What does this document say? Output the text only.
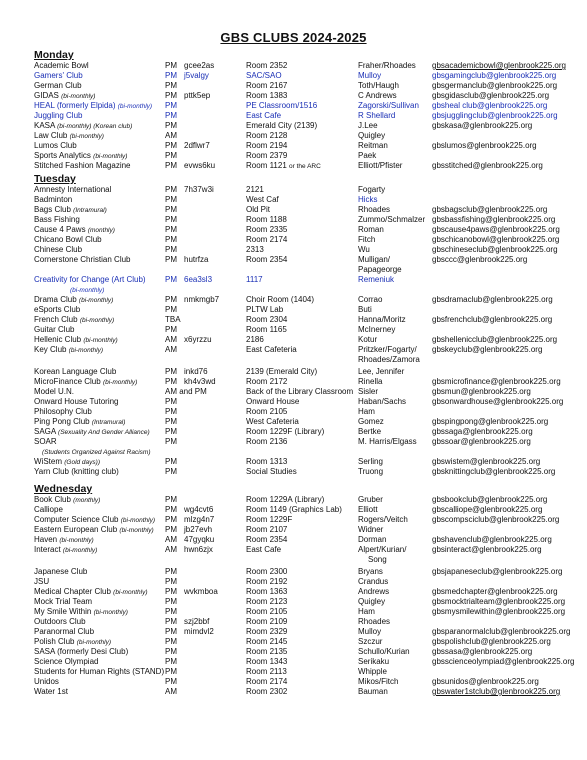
GBS CLUBS 2024-2025
Monday
Academic Bowl	PM gcee2as	Room 2352	Fraher/Rhoades gbsacademicbowl@glenbrook225.org
Gamers' Club	PM j5valgy	SAC/SAO	Mulloy	gbsgamingclub@glenbrook225.org
German Club	PM	Room 2167	Toth/Haugh	gbsgermanclub@glenbrook225.org
GIDAS (bi-monthly)	PM pttk5ep	Room 1383	C Andrews	gbsgidasclub@glenbrook225.org
HEAL (formerly Elpida) (bi-monthly) PM	PE Classroom/1516	Zagorski/Sullivan gbsheal club@glenbrook225.org
Juggling Club	PM	East Cafe	R Shellard	gbsjugglingclub@glenbrook225.org
KASA (bi-monthly) (Korean club)	PM	Emerald City (2139)	J.Lee	gbskasa@glenbrook225.org
Law Club (bi-monthly)	AM	Room 2128	Quigley
Lumos Club	PM 2dflwr7	Room 2194	Reitman	gbslumos@glenbrook225.org
Sports Analytics (bi-monthly)	PM	Room 2379	Paek
Stitched Fashion Magazine	PM evws6ku	Room 1121 or the ARC	Elliott/Pfister	gbsstitched@glenbrook225.org
Tuesday
Amnesty International	PM 7h37w3i	2121	Fogarty
Badminton	PM	West Caf	Hicks
Bags Club (Intramural)	PM	Old Pit	Rhoades	gbsbagsclub@glenbrook225.org
Bass Fishing	PM	Room 1188	Zummo/Schmalzer gbsbassfishing@glenbrook225.org
Cause 4 Paws (monthly)	PM	Room 2335	Roman	gbscause4paws@glenbrook225.org
Chicano Bowl Club	PM	Room 2174	Fitch	gbschicanobowl@glenbrook225.org
Chinese Club	PM	2313	Wu	gbschineseclub@glenbrook225.org
Cornerstone Christian Club	PM hutrfza	Room 2354	Mulligan/	gbsccc@glenbrook225.org
Papageorge
Creativity for Change (Art Club) PM 6ea3sl3	1117	Remeniuk
(bi-monthly)
Drama Club (bi-monthly)	PM nmkmgb7	Choir Room (1404)	Corrao	gbsdramaclub@glenbrook225.org
eSports Club	PM	PLTW Lab	Buti
French Club (bi-monthly)	TBA	Room 2304	Hanna/Moritz	gbsfrenchclub@glenbrook225.org
Guitar Club	PM	Room 1165	McInerney
Hellenic Club (bi-monthly)	AM x6yrzzu	2186	Kotur	gbshellenicclub@glenbrook225.org
Key Club (bi-monthly)	AM	East Cafeteria	Pritzker/Fogarty/ gbskeyclub@glenbrook225.org
Rhoades/Zamora
Korean Language Club	PM inkd76	2139 (Emerald City)	Lee, Jennifer
MicroFinance Club (bi-monthly)	PM kh4v3wd	Room 2172	Rinella	gbsmicrofinance@glenbrook225.org
Model U.N.	AM and PM	Back of the Library Classroom Sisler	gbsmun@glenbrook225.org
Onward House Tutoring	PM	Onward House	Haban/Sachs	gbsonwardhouse@glenbrook225.org
Philosophy Club	PM	Room 2105	Ham
Ping Pong Club (Intramural)	PM	West Cafeteria	Gomez	gbspingpong@glenbrook225.org
SAGA (Sexuality And Gender Alliance) PM	Room 1229F (Library)	Bertke	gbssaga@glenbrook225.org
SOAR	PM	Room 2136	M. Harris/Elgass gbssoar@glenbrook225.org
(Students Organized Against Racism)
WiStem (Gold days))	PM	Room 1313	Serling	gbswistem@glenbrook225.org
Yarn Club (knitting club)	PM	Social Studies	Truong	gbsknittingclub@glenbrook225.org
Wednesday
Book Club (monthly)	PM	Room 1229A (Library)	Gruber	gbsbookclub@glenbrook225.org
Calliope	PM wg4cvt6	Room 1149 (Graphics Lab) Elliott	gbscalliope@glenbrook225.org
Computer Science Club (bi-monthly) PM mlzg4n7	Room 1229F	Rogers/Veitch	gbscompsciclub@glenbrook225.org
Eastern European Club (bi-monthly) PM jb27evh	Room 2107	Widner
Haven (bi-monthly)	AM 47gyqku	Room 2354	Dorman	gbshavenclub@glenbrook225.org
Interact (bi-monthly)	AM hwn6zjx	East Cafe	Alpert/Kurian/	gbsinteract@glenbrook225.org
Song
Japanese Club	PM	Room 2300	Bryans	gbsjapaneseclub@glenbrook225.org
JSU	PM	Room 2192	Crandus
Medical Chapter Club (bi-monthly) PM wvkmboa	Room 1363	Andrews	gbsmedchapter@glenbrook225.org
Mock Trial Team	PM	Room 2123	Quigley	gbsmocktrialteam@glenbrook225.org
My Smile Within (bi-monthly)	PM	Room 2105	Ham	gbsmysmilewithin@glenbrook225.org
Outdoors Club	PM szj2bbf	Room 2109	Rhoades
Paranormal Club	PM mimdvl2	Room 2329	Mulloy	gbsparanormalclub@glenbrook225.org
Polish Club (bi-monthly)	PM	Room 2145	Szczur	gbspolishclub@glenbrook225.org
SASA (formerly Desi Club)	PM	Room 2135	Schullo/Kurian	gbssasa@glenbrook225.org
Science Olympiad	PM	Room 1343	Serikaku	gbsscienceolympiad@glenbrook225.org
Students for Human Rights (STAND) PM	Room 2113	Whipple
Unidos	PM	Room 2174	Mikos/Fitch	gbsunidos@glenbrook225.org
Water 1st	AM	Room 2302	Bauman	gbswater1stclub@glenbrook225.org
